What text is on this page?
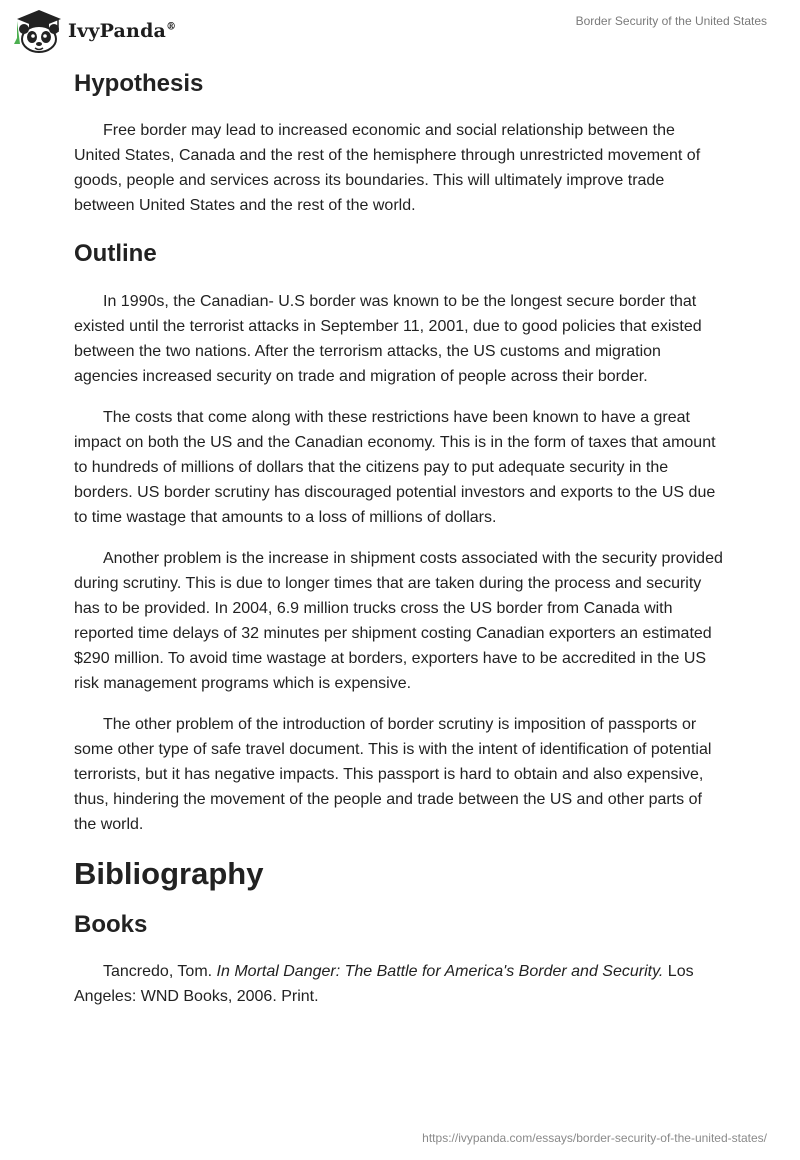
IvyPanda®	Border Security of the United States
Hypothesis

Free border may lead to increased economic and social relationship between the United States, Canada and the rest of the hemisphere through unrestricted movement of goods, people and services across its boundaries. This will ultimately improve trade between United States and the rest of the world.

Outline

In 1990s, the Canadian- U.S border was known to be the longest secure border that existed until the terrorist attacks in September 11, 2001, due to good policies that existed between the two nations. After the terrorism attacks, the US customs and migration agencies increased security on trade and migration of people across their border.

The costs that come along with these restrictions have been known to have a great impact on both the US and the Canadian economy. This is in the form of taxes that amount to hundreds of millions of dollars that the citizens pay to put adequate security in the borders. US border scrutiny has discouraged potential investors and exports to the US due to time wastage that amounts to a loss of millions of dollars.

Another problem is the increase in shipment costs associated with the security provided during scrutiny. This is due to longer times that are taken during the process and security has to be provided. In 2004, 6.9 million trucks cross the US border from Canada with reported time delays of 32 minutes per shipment costing Canadian exporters an estimated $290 million. To avoid time wastage at borders, exporters have to be accredited in the US risk management programs which is expensive.

The other problem of the introduction of border scrutiny is imposition of passports or some other type of safe travel document. This is with the intent of identification of potential terrorists, but it has negative impacts. This passport is hard to obtain and also expensive, thus, hindering the movement of the people and trade between the US and other parts of the world.

Bibliography
Books

Tancredo, Tom. In Mortal Danger: The Battle for America's Border and Security. Los Angeles: WND Books, 2006. Print.

https://ivypanda.com/essays/border-security-of-the-united-states/
